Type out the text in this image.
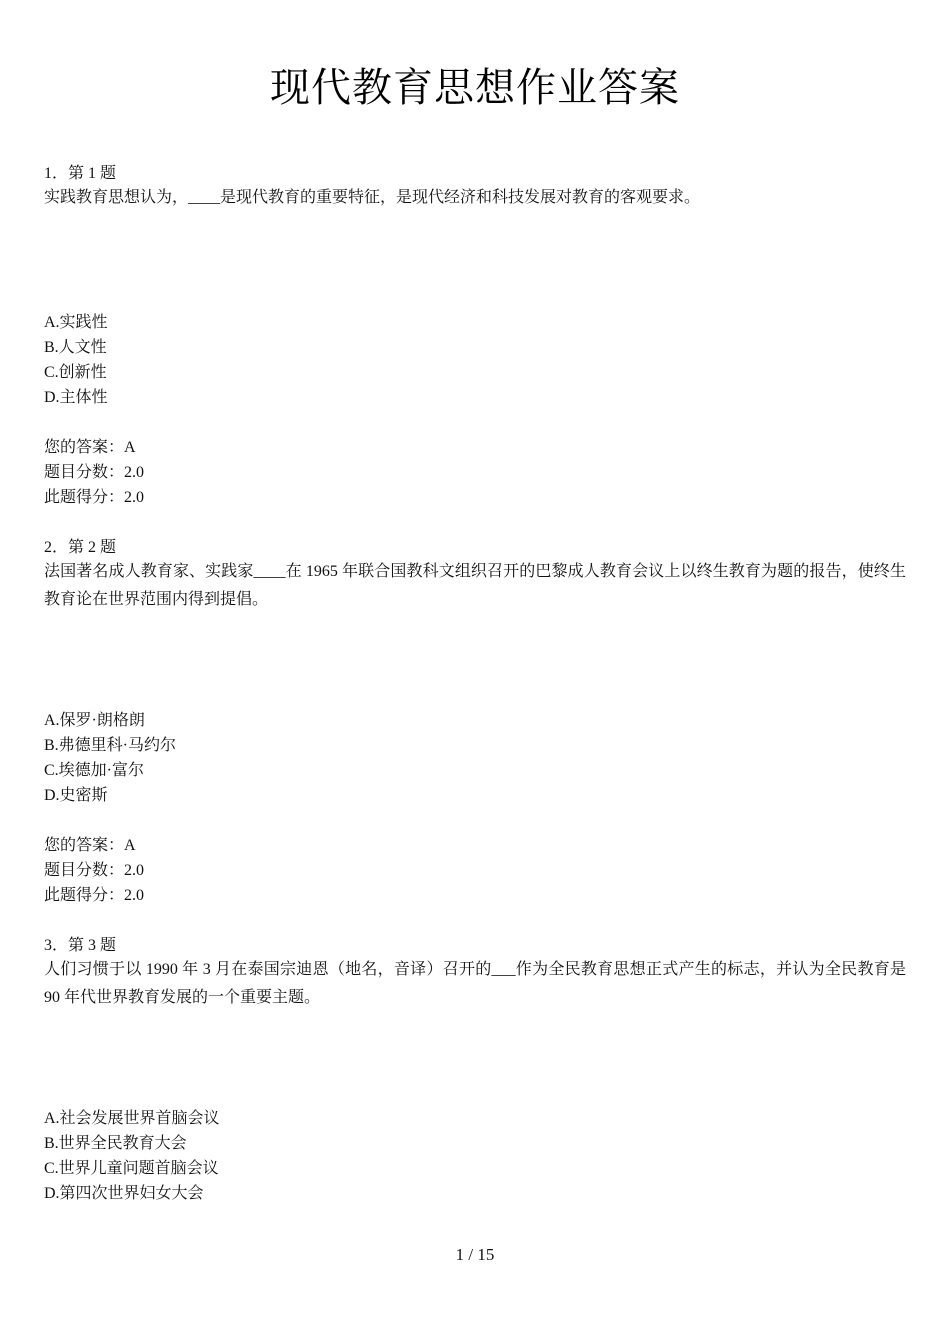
现代教育思想作业答案
1．第 1 题
实践教育思想认为，____是现代教育的重要特征，是现代经济和科技发展对教育的客观要求。
A.实践性
B.人文性
C.创新性
D.主体性
您的答案：A
题目分数：2.0
此题得分：2.0
2．第 2 题
法国著名成人教育家、实践家____在 1965 年联合国教科文组织召开的巴黎成人教育会议上以终生教育为题的报告，使终生教育论在世界范围内得到提倡。
A.保罗·朗格朗
B.弗德里科·马约尔
C.埃德加·富尔
D.史密斯
您的答案：A
题目分数：2.0
此题得分：2.0
3．第 3 题
人们习惯于以 1990 年 3 月在泰国宗迪恩（地名，音译）召开的___作为全民教育思想正式产生的标志，并认为全民教育是 90 年代世界教育发展的一个重要主题。
A.社会发展世界首脑会议
B.世界全民教育大会
C.世界儿童问题首脑会议
D.第四次世界妇女大会
1 / 15
